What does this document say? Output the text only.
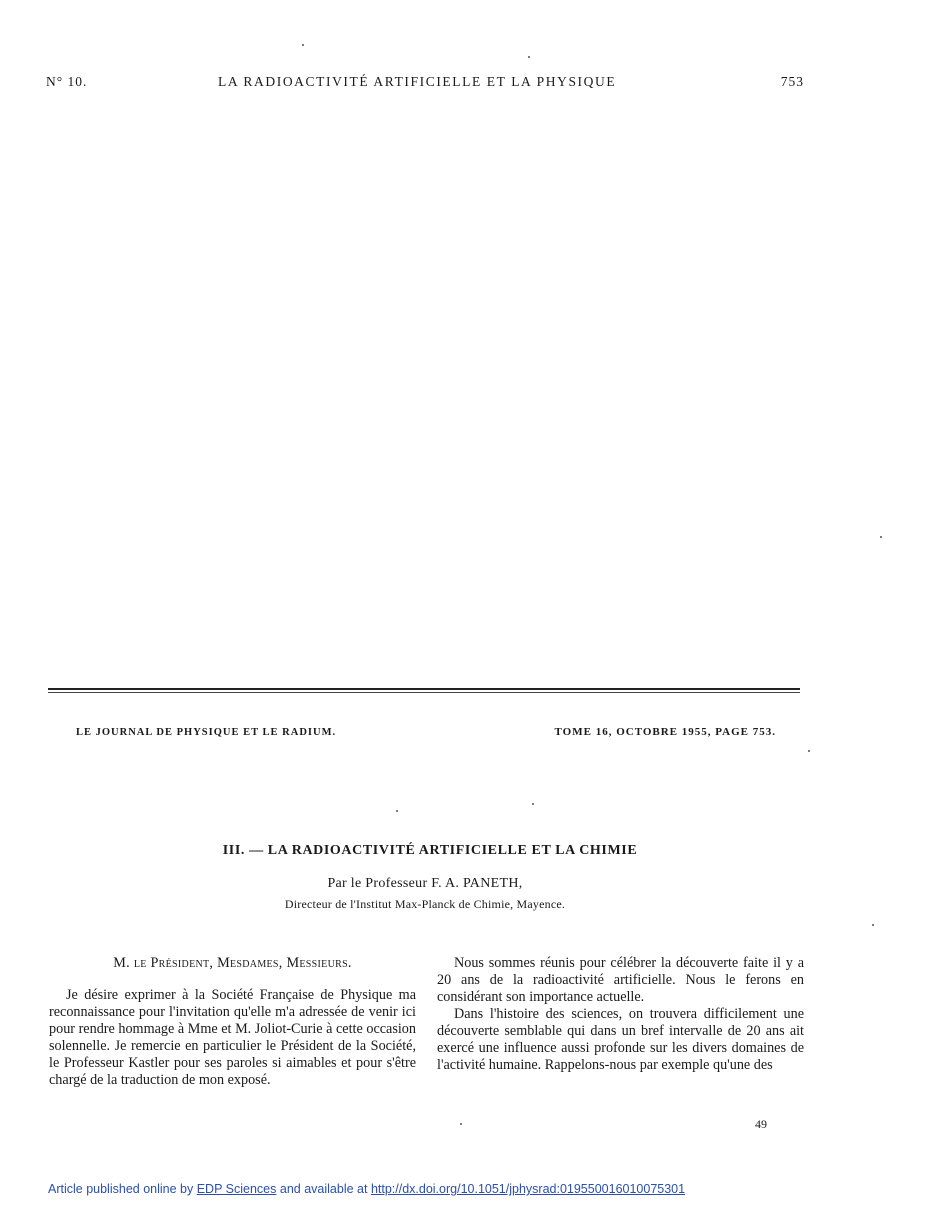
N° 10.	LA RADIOACTIVITÉ ARTIFICIELLE ET LA PHYSIQUE	753
LE JOURNAL DE PHYSIQUE ET LE RADIUM.	TOME 16, OCTOBRE 1955, PAGE 753.
III. — LA RADIOACTIVITÉ ARTIFICIELLE ET LA CHIMIE
Par le Professeur F. A. PANETH,
Directeur de l'Institut Max-Planck de Chimie, Mayence.
M. le Président, Mesdames, Messieurs.

Je désire exprimer à la Société Française de Physique ma reconnaissance pour l'invitation qu'elle m'a adressée de venir ici pour rendre hommage à Mme et M. Joliot-Curie à cette occasion solennelle. Je remercie en particulier le Président de la Société, le Professeur Kastler pour ses paroles si aimables et pour s'être chargé de la traduction de mon exposé.

Nous sommes réunis pour célébrer la découverte faite il y a 20 ans de la radioactivité artificielle. Nous le ferons en considérant son importance actuelle.

Dans l'histoire des sciences, on trouvera difficilement une découverte semblable qui dans un bref intervalle de 20 ans ait exercé une influence aussi profonde sur les divers domaines de l'activité humaine. Rappelons-nous par exemple qu'une des

49
Article published online by EDP Sciences and available at http://dx.doi.org/10.1051/jphysrad:019550016010075301
